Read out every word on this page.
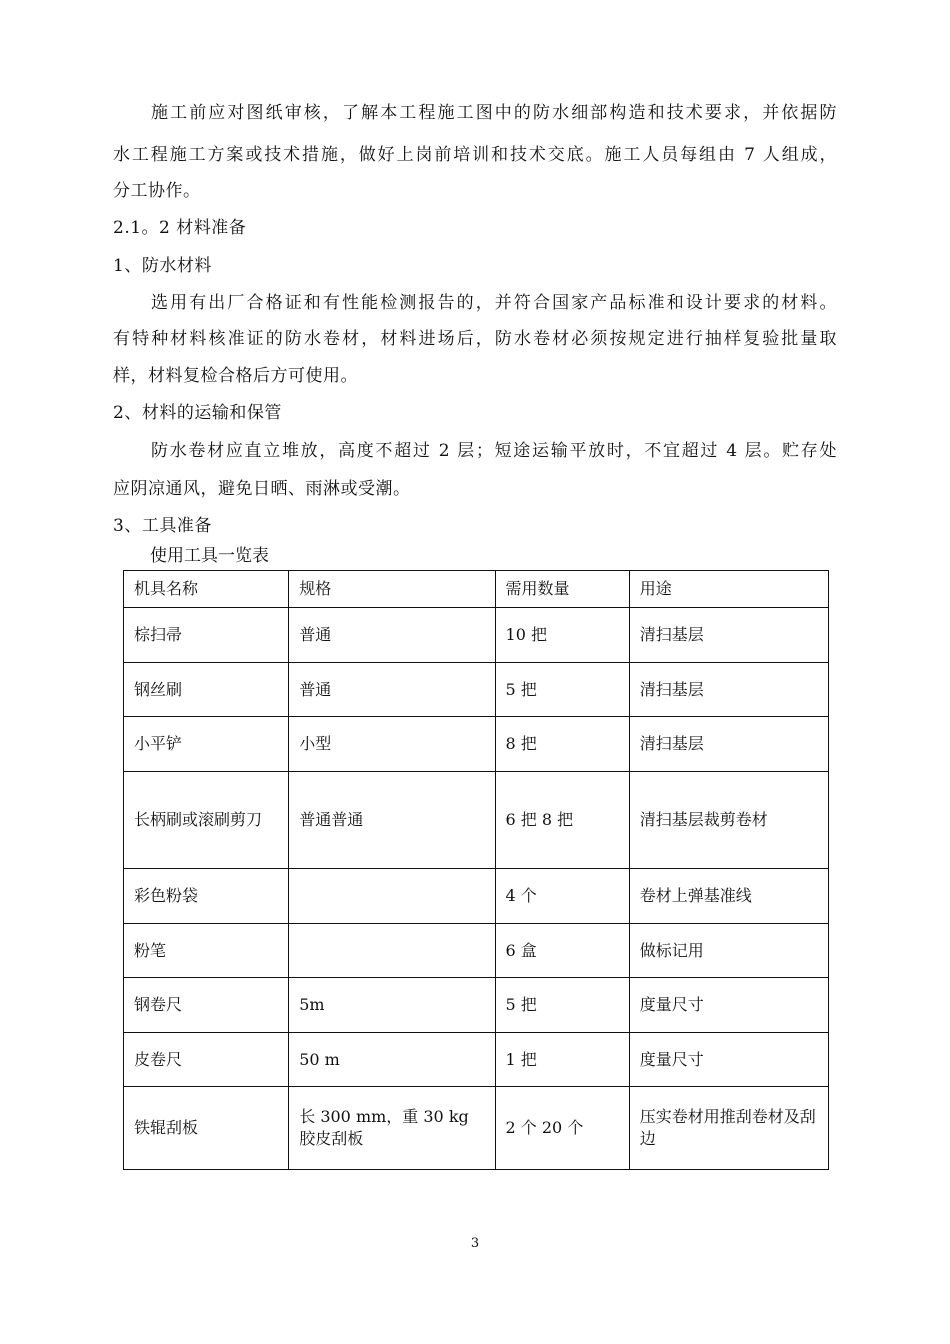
施工前应对图纸审核，了解本工程施工图中的防水细部构造和技术要求，并依据防
水工程施工方案或技术措施，做好上岗前培训和技术交底。施工人员每组由 7 人组成，
分工协作。
2.1。2 材料准备
1、防水材料
选用有出厂合格证和有性能检测报告的，并符合国家产品标准和设计要求的材料。
有特种材料核准证的防水卷材，材料进场后，防水卷材必须按规定进行抽样复验批量取
样，材料复检合格后方可使用。
2、材料的运输和保管
防水卷材应直立堆放，高度不超过 2 层；短途运输平放时，不宜超过 4 层。贮存处
应阴凉通风，避免日晒、雨淋或受潮。
3、工具准备
使用工具一览表
机具名称	规格	需用数量	用途
棕扫帚	普通	10 把	清扫基层
钢丝刷	普通	5 把	清扫基层
小平铲	小型	8 把	清扫基层
长柄刷或滚刷剪刀	普通普通	6 把 8 把	清扫基层裁剪卷材
彩色粉袋		4 个	卷材上弹基准线
粉笔		6 盒	做标记用
钢卷尺	5m	5 把	度量尺寸
皮卷尺	50 m	1 把	度量尺寸
铁辊刮板	长 300 mm，重 30 kg 胶皮刮板	2 个 20 个	压实卷材用推刮卷材及刮边
3
